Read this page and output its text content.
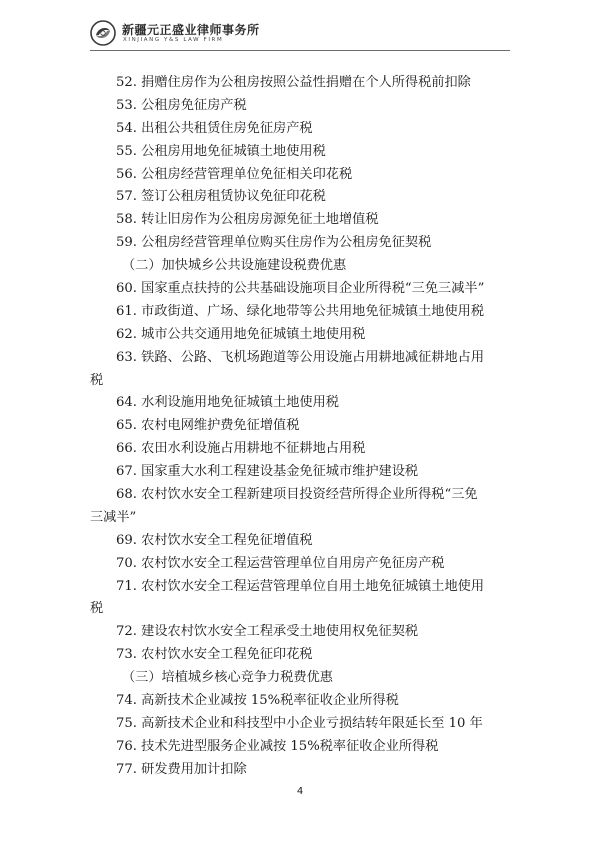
新疆元正盛业律师事务所
XINJIANG Y&S LAW FIRM
52. 捐赠住房作为公租房按照公益性捐赠在个人所得税前扣除
53. 公租房免征房产税
54. 出租公共租赁住房免征房产税
55. 公租房用地免征城镇土地使用税
56. 公租房经营管理单位免征相关印花税
57. 签订公租房租赁协议免征印花税
58. 转让旧房作为公租房房源免征土地增值税
59. 公租房经营管理单位购买住房作为公租房免征契税
（二）加快城乡公共设施建设税费优惠
60. 国家重点扶持的公共基础设施项目企业所得税“三免三减半”
61. 市政街道、广场、绿化地带等公共用地免征城镇土地使用税
62. 城市公共交通用地免征城镇土地使用税
63. 铁路、公路、飞机场跑道等公用设施占用耕地减征耕地占用
税
64. 水利设施用地免征城镇土地使用税
65. 农村电网维护费免征增值税
66. 农田水利设施占用耕地不征耕地占用税
67. 国家重大水利工程建设基金免征城市维护建设税
68. 农村饮水安全工程新建项目投资经营所得企业所得税“三免
三减半”
69. 农村饮水安全工程免征增值税
70. 农村饮水安全工程运营管理单位自用房产免征房产税
71. 农村饮水安全工程运营管理单位自用土地免征城镇土地使用
税
72. 建设农村饮水安全工程承受土地使用权免征契税
73. 农村饮水安全工程免征印花税
（三）培植城乡核心竞争力税费优惠
74. 高新技术企业减按 15%税率征收企业所得税
75. 高新技术企业和科技型中小企业亏损结转年限延长至 10 年
76. 技术先进型服务企业减按 15%税率征收企业所得税
77. 研发费用加计扣除
4
